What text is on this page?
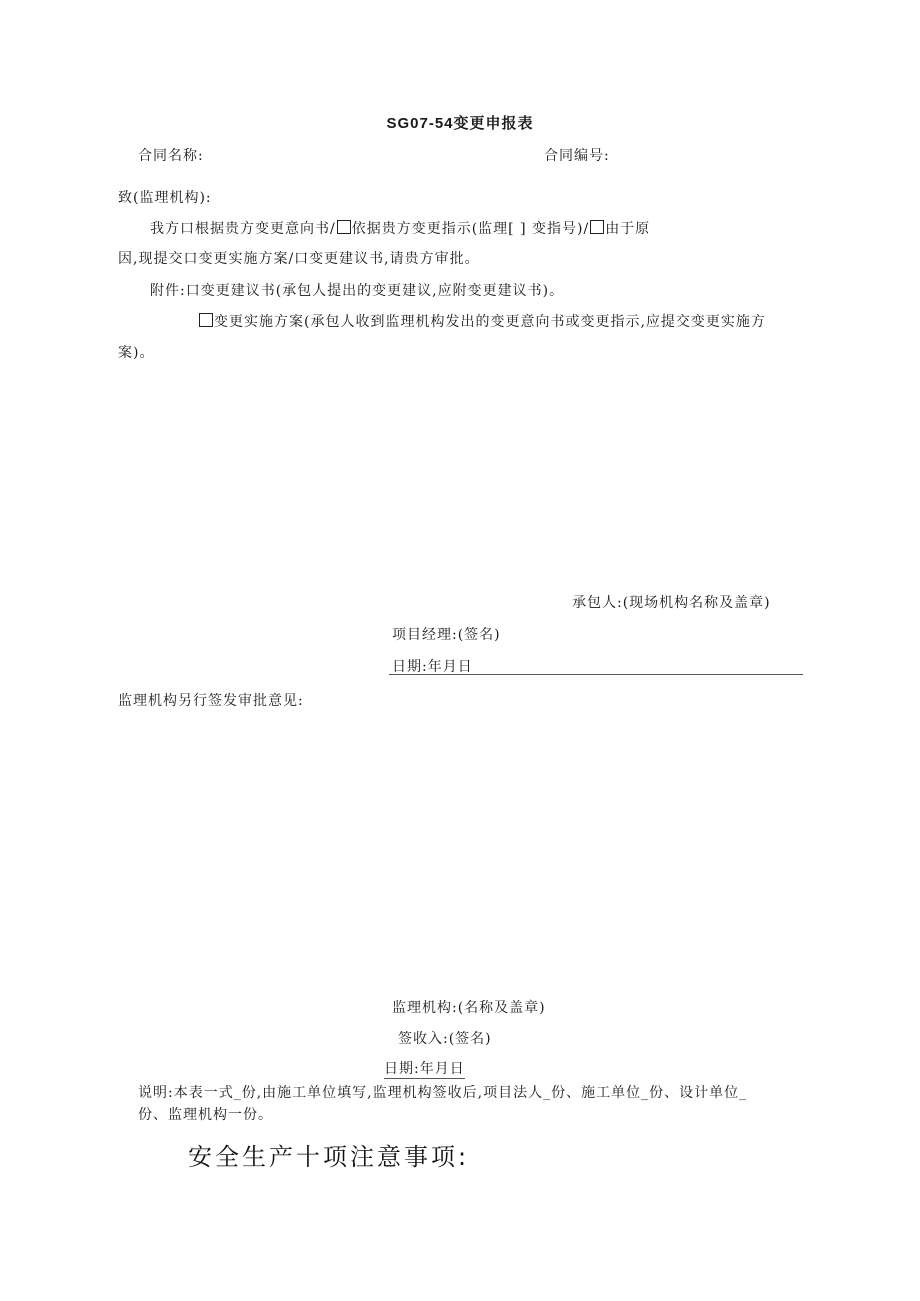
SG07-54变更申报表
合同名称:	合同编号:
致(监理机构):
我方口根据贵方变更意向书/ 依据贵方变更指示(监理[ ] 变指号)/ 由于原
因,现提交口变更实施方案/口变更建议书,请贵方审批。
附件:口变更建议书(承包人提出的变更建议,应附变更建议书)。
变更实施方案(承包人收到监理机构发出的变更意向书或变更指示,应提交变更实施方
案)。
承包人:(现场机构名称及盖章)
项目经理:(签名)
日期:年月日
监理机构另行签发审批意见:
监理机构:(名称及盖章)
签收入:(签名)
日期:年月日
说明:本表一式_份,由施工单位填写,监理机构签收后,项目法人_份、施工单位_份、设计单位_
份、监理机构一份。
安全生产十项注意事项:
